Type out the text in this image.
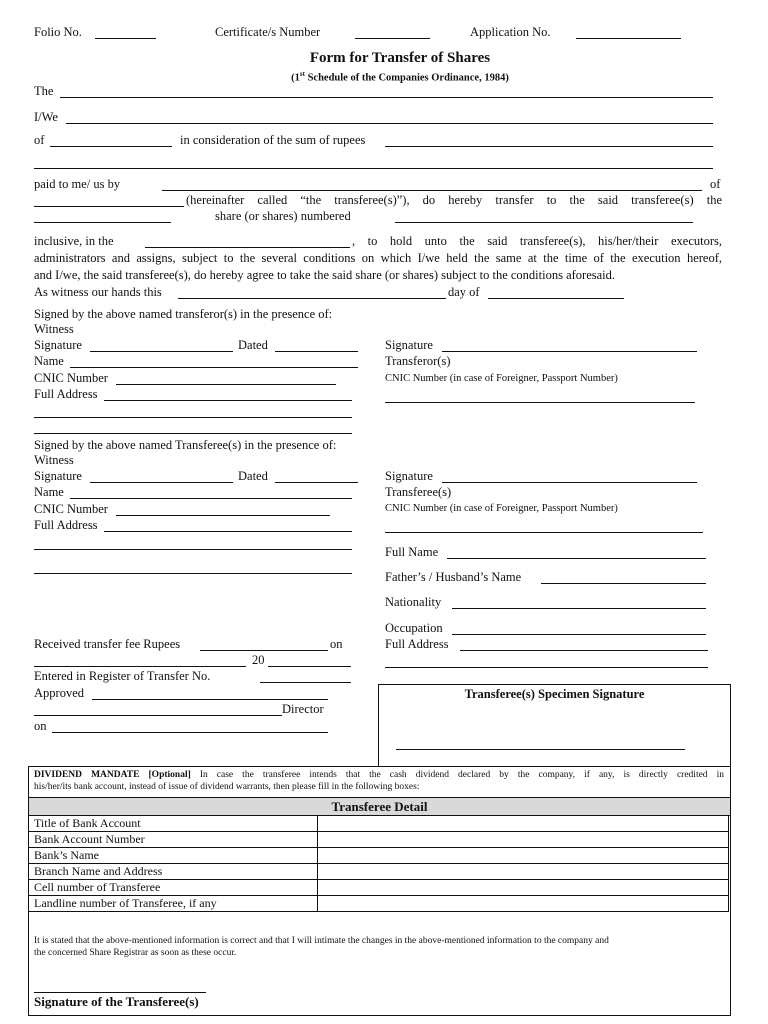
Folio No.	Certificate/s Number	Application No.
Form for Transfer of Shares
(1st Schedule of the Companies Ordinance, 1984)
The
I/We
of	in consideration of the sum of rupees
paid to me/ us by	of
(hereinafter called “the transferee(s)”), do hereby transfer to the said transferee(s) the
share (or shares) numbered
inclusive, in the	, to hold unto the said transferee(s), his/her/their executors,
administrators and assigns, subject to the several conditions on which I/we held the same at the time of the execution hereof,
and I/we, the said transferee(s), do hereby agree to take the said share (or shares) subject to the conditions aforesaid.
As witness our hands this	day of
Signed by the above named transferor(s) in the presence of:
Witness
Signature	Dated
Name
CNIC Number
Full Address
Signature
Transferor(s)
CNIC Number (in case of Foreigner, Passport Number)
Signed by the above named Transferee(s) in the presence of:
Witness
Signature	Dated
Name
CNIC Number
Full Address
Signature
Transferee(s)
CNIC Number (in case of Foreigner, Passport Number)
Full Name
Father’s / Husband’s Name
Nationality
Occupation
Full Address
Received transfer fee Rupees	on
20
Entered in Register of Transfer No.
Approved
Director
on
Transferee(s) Specimen Signature
DIVIDEND MANDATE [Optional] In case the transferee intends that the cash dividend declared by the company, if any, is directly credited in
his/her/its bank account, instead of issue of dividend warrants, then please fill in the following boxes:
Transferee Detail
Title of Bank Account	
Bank Account Number	
Bank’s Name	
Branch Name and Address	
Cell number of Transferee	
Landline number of Transferee, if any	
It is stated that the above-mentioned information is correct and that I will intimate the changes in the above-mentioned information to the company and
the concerned Share Registrar as soon as these occur.
Signature of the Transferee(s)
